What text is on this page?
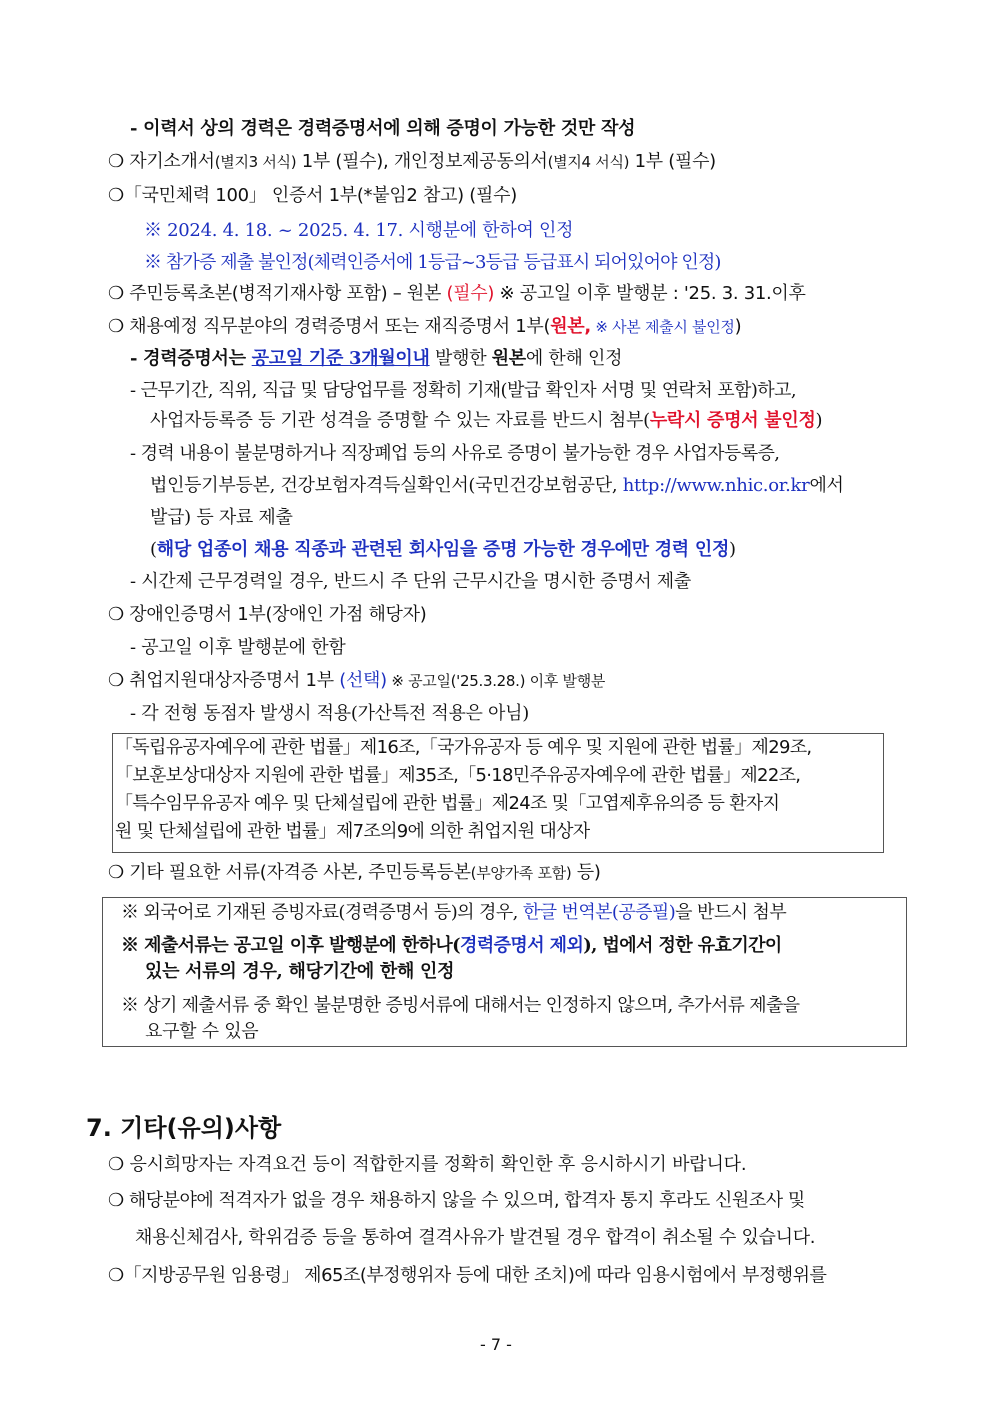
- 이력서 상의 경력은 경력증명서에 의해 증명이 가능한 것만 작성
❍ 자기소개서(별지3 서식) 1부 (필수), 개인정보제공동의서(별지4 서식) 1부 (필수)
❍「국민체력 100」 인증서 1부(*붙임2 참고) (필수)
※ 2024. 4. 18. ~ 2025. 4. 17. 시행분에 한하여 인정
※ 참가증 제출 불인정(체력인증서에 1등급~3등급 등급표시 되어있어야 인정)
❍ 주민등록초본(병적기재사항 포함) – 원본 (필수) ※ 공고일 이후 발행분 : '25. 3. 31.이후
❍ 채용예정 직무분야의 경력증명서 또는 재직증명서 1부(원본, ※ 사본 제출시 불인정)
- 경력증명서는 공고일 기준 3개월이내 발행한 원본에 한해 인정
- 근무기간, 직위, 직급 및 담당업무를 정확히 기재(발급 확인자 서명 및 연락처 포함)하고,
사업자등록증 등 기관 성격을 증명할 수 있는 자료를 반드시 첨부(누락시 증명서 불인정)
- 경력 내용이 불분명하거나 직장폐업 등의 사유로 증명이 불가능한 경우 사업자등록증,
법인등기부등본, 건강보험자격득실확인서(국민건강보험공단, http://www.nhic.or.kr에서
발급) 등 자료 제출
(해당 업종이 채용 직종과 관련된 회사임을 증명 가능한 경우에만 경력 인정)
- 시간제 근무경력일 경우, 반드시 주 단위 근무시간을 명시한 증명서 제출
❍ 장애인증명서 1부(장애인 가점 해당자)
- 공고일 이후 발행분에 한함
❍ 취업지원대상자증명서 1부 (선택) ※ 공고일('25.3.28.) 이후 발행분
- 각 전형 동점자 발생시 적용(가산특전 적용은 아님)
「독립유공자예우에 관한 법률」제16조,「국가유공자 등 예우 및 지원에 관한 법률」제29조,
「보훈보상대상자 지원에 관한 법률」제35조,「5·18민주유공자예우에 관한 법률」제22조,
「특수임무유공자 예우 및 단체설립에 관한 법률」제24조 및「고엽제후유의증 등 환자지
원 및 단체설립에 관한 법률」제7조의9에 의한 취업지원 대상자
❍ 기타 필요한 서류(자격증 사본, 주민등록등본(부양가족 포함) 등)
※ 외국어로 기재된 증빙자료(경력증명서 등)의 경우, 한글 번역본(공증필)을 반드시 첨부
※ 제출서류는 공고일 이후 발행분에 한하나(경력증명서 제외), 법에서 정한 유효기간이
있는 서류의 경우, 해당기간에 한해 인정
※ 상기 제출서류 중 확인 불분명한 증빙서류에 대해서는 인정하지 않으며, 추가서류 제출을
요구할 수 있음
7. 기타(유의)사항
❍ 응시희망자는 자격요건 등이 적합한지를 정확히 확인한 후 응시하시기 바랍니다.
❍ 해당분야에 적격자가 없을 경우 채용하지 않을 수 있으며, 합격자 통지 후라도 신원조사 및
채용신체검사, 학위검증 등을 통하여 결격사유가 발견될 경우 합격이 취소될 수 있습니다.
❍「지방공무원 임용령」 제65조(부정행위자 등에 대한 조치)에 따라 임용시험에서 부정행위를
- 7 -
